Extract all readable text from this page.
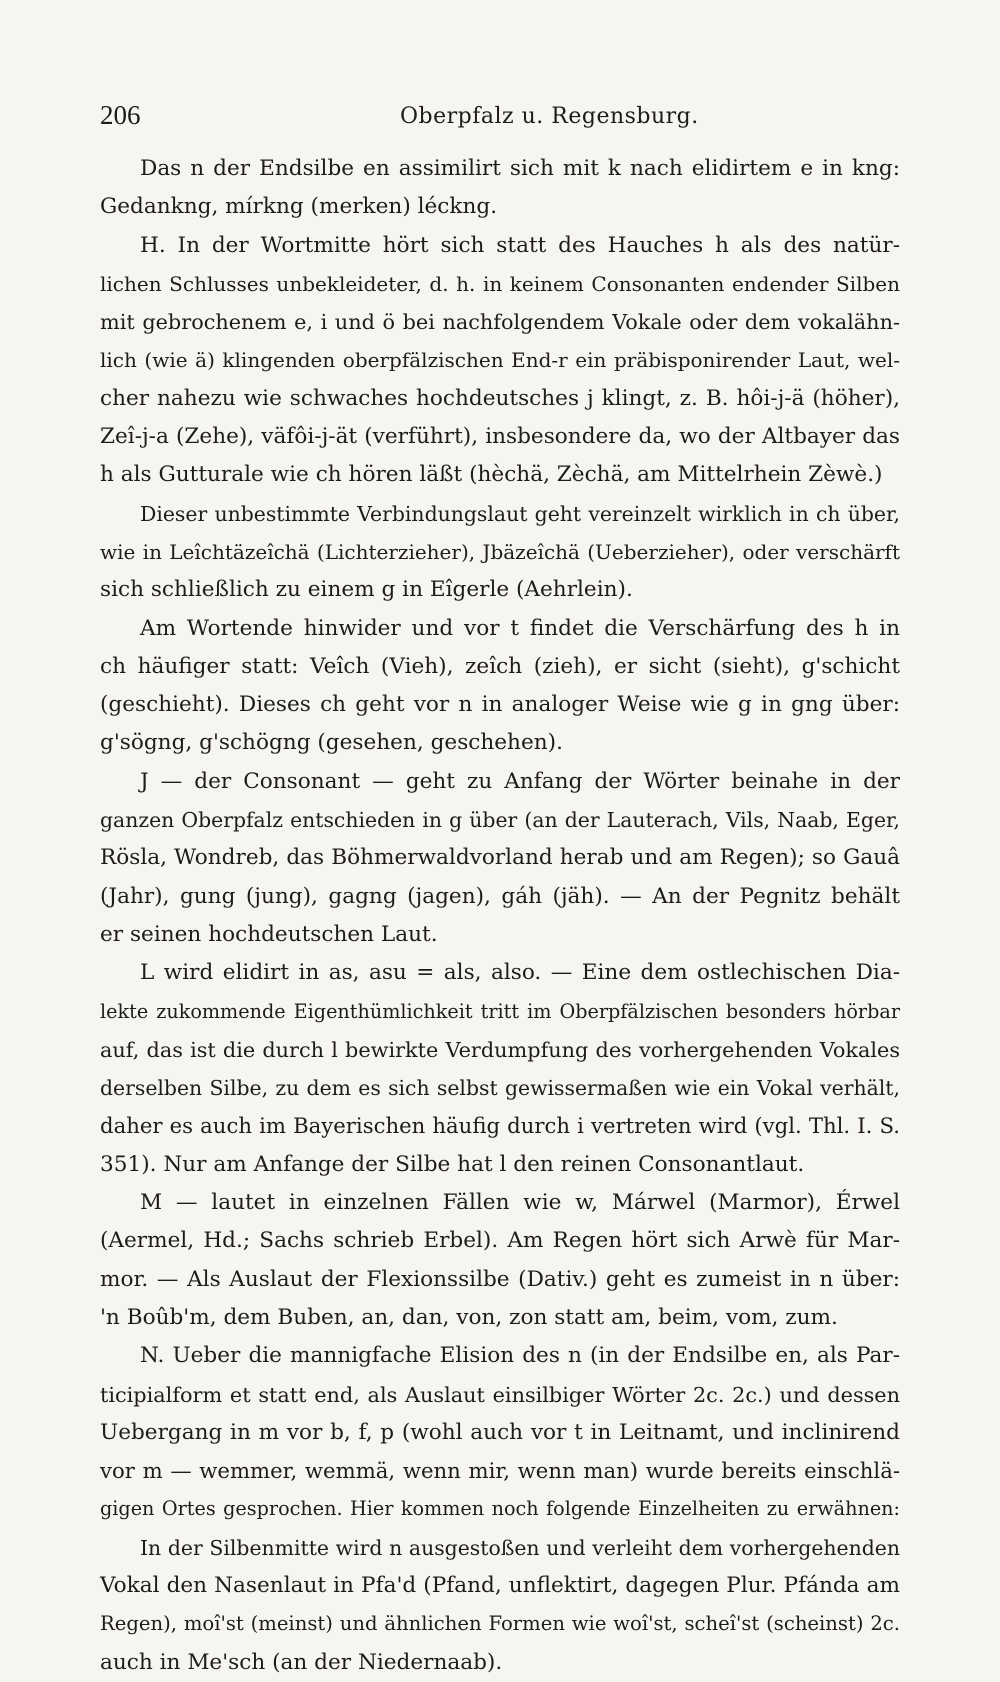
206	Oberpfalz u. Regensburg.
Das n der Endsilbe en assimilirt sich mit k nach elidirtem e in kng:
Gedankng, mírkng (merken) léckng.
H. In der Wortmitte hört sich statt des Hauches h als des natür-
lichen Schlusses unbekleideter, d. h. in keinem Consonanten endender Silben
mit gebrochenem e, i und ö bei nachfolgendem Vokale oder dem vokalähn-
lich (wie ä) klingenden oberpfälzischen End-r ein präbisponirender Laut, wel-
cher nahezu wie schwaches hochdeutsches j klingt, z. B. hôi-j-ä (höher),
Zeî-j-a (Zehe), väfôi-j-ät (verführt), insbesondere da, wo der Altbayer das
h als Gutturale wie ch hören läßt (hèchä, Zèchä, am Mittelrhein Zèwè.)
Dieser unbestimmte Verbindungslaut geht vereinzelt wirklich in ch über,
wie in Leîchtäzeîchä (Lichterzieher), Jbäzeîchä (Ueberzieher), oder verschärft
sich schließlich zu einem g in Eîgerle (Aehrlein).
Am Wortende hinwider und vor t findet die Verschärfung des h in
ch häufiger statt: Veîch (Vieh), zeîch (zieh), er sicht (sieht), g'schicht
(geschieht). Dieses ch geht vor n in analoger Weise wie g in gng über:
g'sögng, g'schögng (gesehen, geschehen).
J — der Consonant — geht zu Anfang der Wörter beinahe in der
ganzen Oberpfalz entschieden in g über (an der Lauterach, Vils, Naab, Eger,
Rösla, Wondreb, das Böhmerwaldvorland herab und am Regen); so Gauâ
(Jahr), gung (jung), gagng (jagen), gáh (jäh). — An der Pegnitz behält
er seinen hochdeutschen Laut.
L wird elidirt in as, asu = als, also. — Eine dem ostlechischen Dia-
lekte zukommende Eigenthümlichkeit tritt im Oberpfälzischen besonders hörbar
auf, das ist die durch l bewirkte Verdumpfung des vorhergehenden Vokales
derselben Silbe, zu dem es sich selbst gewissermaßen wie ein Vokal verhält,
daher es auch im Bayerischen häufig durch i vertreten wird (vgl. Thl. I. S.
351). Nur am Anfange der Silbe hat l den reinen Consonantlaut.
M — lautet in einzelnen Fällen wie w, Márwel (Marmor), Érwel
(Aermel, Hd.; Sachs schrieb Erbel). Am Regen hört sich Arwè für Mar-
mor. — Als Auslaut der Flexionssilbe (Dativ.) geht es zumeist in n über:
'n Boûb'm, dem Buben, an, dan, von, zon statt am, beim, vom, zum.
N. Ueber die mannigfache Elision des n (in der Endsilbe en, als Par-
ticipialform et statt end, als Auslaut einsilbiger Wörter 2c. 2c.) und dessen
Uebergang in m vor b, f, p (wohl auch vor t in Leitnamt, und inclinirend
vor m — wemmer, wemmä, wenn mir, wenn man) wurde bereits einschlä-
gigen Ortes gesprochen. Hier kommen noch folgende Einzelheiten zu erwähnen:
In der Silbenmitte wird n ausgestoßen und verleiht dem vorhergehenden
Vokal den Nasenlaut in Pfa'd (Pfand, unflektirt, dagegen Plur. Pfánda am
Regen), moî'st (meinst) und ähnlichen Formen wie woî'st, scheî'st (scheinst) 2c.
auch in Me'sch (an der Niedernaab).
